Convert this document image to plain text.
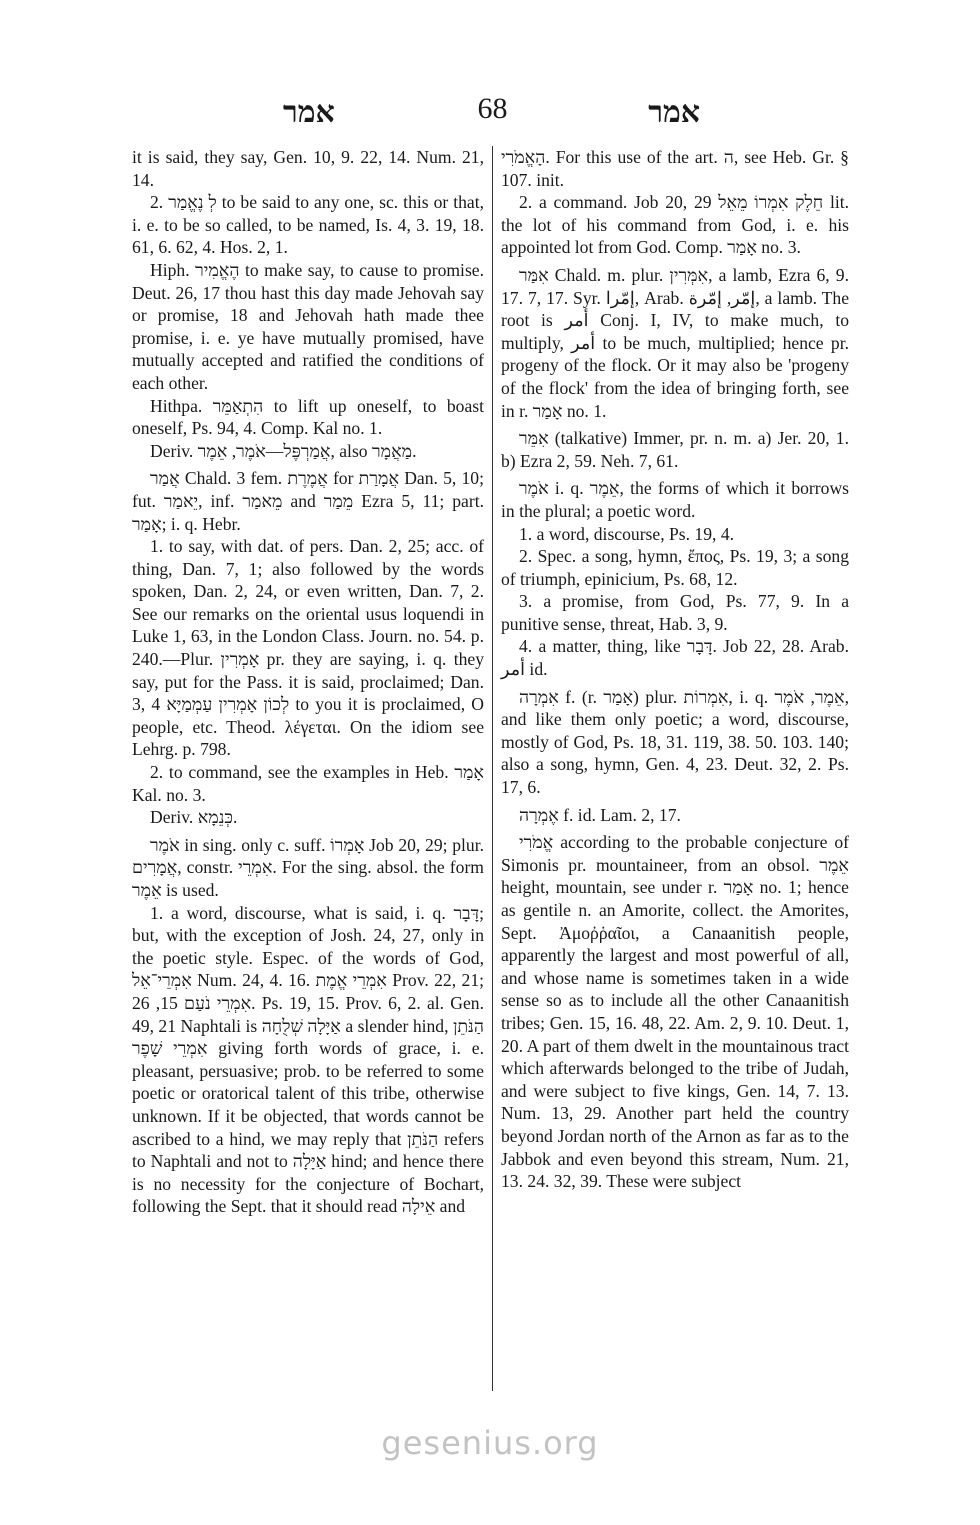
אמר	68	אמר

it is said, they say, Gen. 10, 9. 22, 14. Num. 21, 14.

2. לְ נֶאֱמַר to be said to any one, sc. this or that, i. e. to be so called, to be named, Is. 4, 3. 19, 18. 61, 6. 62, 4. Hos. 2, 1.

Hiph. הֶאֱמִיר to make say, to cause to promise. Deut. 26, 17 thou hast this day made Jehovah say or promise, 18 and Jehovah hath made thee promise, i. e. ye have mutually promised, have mutually accepted and ratified the conditions of each other.

Hithpa. הִתְאַמֵּר to lift up oneself, to boast oneself, Ps. 94, 4. Comp. Kal no. 1.

Deriv. אֲמַרְפֶּל—אֹמֶר, אֵמֶר, also מַאֲמָר.

אֲמַר Chald. 3 fem. אֲמֶרֶת for אֲמָרַת Dan. 5, 10; fut. יֵאמַר, inf. מֵאמַר and מֵמַר Ezra 5, 11; part. אָמַר; i. q. Hebr.

1. to say, with dat. of pers. Dan. 2, 25; acc. of thing, Dan. 7, 1; also followed by the words spoken, Dan. 2, 24, or even written, Dan. 7, 2. See our remarks on the oriental usus loquendi in Luke 1, 63, in the London Class. Journ. no. 54. p. 240.—Plur. אָמְרִין pr. they are saying, i. q. they say, put for the Pass. it is said, proclaimed; Dan. 3, 4 לְכוֹן אָמְרִין עַמְמַיָּא to you it is proclaimed, O people, etc. Theod. λέγεται. On the idiom see Lehrg. p. 798.

2. to command, see the examples in Heb. אָמַר Kal. no. 3.

Deriv. כְּנֵמָא.

אֹמֶר in sing. only c. suff. אָמְרוֹ Job 20, 29; plur. אֲמָרִים, constr. אִמְרֵי. For the sing. absol. the form אֵמֶר is used.

1. a word, discourse, what is said, i. q. דָּבָר; but, with the exception of Josh. 24, 27, only in the poetic style. Espec. of the words of God, אִמְרֵי־אֵל Num. 24, 4. 16. אִמְרֵי אֱמֶת Prov. 22, 21; אִמְרֵי נֹעַם 15, 26. Ps. 19, 15. Prov. 6, 2. al. Gen. 49, 21 Naphtali is אַיָּלָה שְׁלֻחָה a slender hind, הַנֹּתֵן אִמְרֵי שָׁפֶר giving forth words of grace, i. e. pleasant, persuasive; prob. to be referred to some poetic or oratorical talent of this tribe, otherwise unknown. If it be objected, that words cannot be ascribed to a hind, we may reply that הַנֹּתֵן refers to Naphtali and not to אַיָּלָה hind; and hence there is no necessity for the conjecture of Bochart, following the Sept. that it should read אֵילָה and

הָאֱמֹרִי. For this use of the art. ה, see Heb. Gr. § 107. init.

2. a command. Job 20, 29 חֵלֶק אִמְרוֹ מֵאֵל lit. the lot of his command from God, i. e. his appointed lot from God. Comp. אָמַר no. 3.

אִמַּר Chald. m. plur. אִמְּרִין, a lamb, Ezra 6, 9. 17. 7, 17. Syr. إمّرا, Arab. إمّر, إمّرة, a lamb. The root is أمر Conj. I, IV, to make much, to multiply, أمر to be much, multiplied; hence pr. progeny of the flock. Or it may also be 'progeny of the flock' from the idea of bringing forth, see in r. אָמַר no. 1.

אִמֵּר (talkative) Immer, pr. n. m. a) Jer. 20, 1. b) Ezra 2, 59. Neh. 7, 61.

אֹמֶר i. q. אֵמֶר, the forms of which it borrows in the plural; a poetic word.

1. a word, discourse, Ps. 19, 4.

2. Spec. a song, hymn, ἔπος, Ps. 19, 3; a song of triumph, epinicium, Ps. 68, 12.

3. a promise, from God, Ps. 77, 9. In a punitive sense, threat, Hab. 3, 9.

4. a matter, thing, like דָּבָר. Job 22, 28. Arab. أمر id.

אִמְרָה f. (r. אָמַר) plur. אִמְרוֹת, i. q. אֵמֶר, אֹמֶר, and like them only poetic; a word, discourse, mostly of God, Ps. 18, 31. 119, 38. 50. 103. 140; also a song, hymn, Gen. 4, 23. Deut. 32, 2. Ps. 17, 6.

אֶמְרָה f. id. Lam. 2, 17.

אֱמֹרִי according to the probable conjecture of Simonis pr. mountaineer, from an obsol. אֵמֶר height, mountain, see under r. אָמַר no. 1; hence as gentile n. an Amorite, collect. the Amorites, Sept. Ἀμοῤῥαῖοι, a Canaanitish people, apparently the largest and most powerful of all, and whose name is sometimes taken in a wide sense so as to include all the other Canaanitish tribes; Gen. 15, 16. 48, 22. Am. 2, 9. 10. Deut. 1, 20. A part of them dwelt in the mountainous tract which afterwards belonged to the tribe of Judah, and were subject to five kings, Gen. 14, 7. 13. Num. 13, 29. Another part held the country beyond Jordan north of the Arnon as far as to the Jabbok and even beyond this stream, Num. 21, 13. 24. 32, 39. These were subject

gesenius.org
